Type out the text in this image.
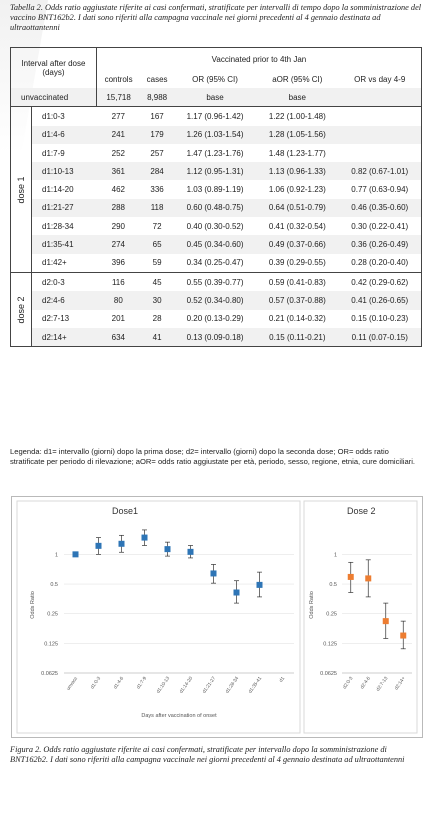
Tabella 2. Odds ratio aggiustate riferite ai casi confermati, stratificate per intervalli di tempo dopo la somministrazione del vaccino BNT162b2. I dati sono riferiti alla campagna vaccinale nei giorni precedenti al 4 gennaio destinata ad ultraottantenni
Interval after dose
(days)		Vaccinated prior to 4th Jan				
		controls	cases	OR (95% CI)	aOR (95% CI)	OR vs day 4-9
unvaccinated		15,718	8,988	base	base	

dose 1	d1:0-3	277	167	1.17 (0.96-1.42)	1.22 (1.00-1.48)	
	d1:4-6	241	179	1.26 (1.03-1.54)	1.28 (1.05-1.56)	
	d1:7-9	252	257	1.47 (1.23-1.76)	1.48 (1.23-1.77)	
	d1:10-13	361	284	1.12 (0.95-1.31)	1.13 (0.96-1.33)	0.82 (0.67-1.01)
	d1:14-20	462	336	1.03 (0.89-1.19)	1.06 (0.92-1.23)	0.77 (0.63-0.94)
	d1:21-27	288	118	0.60 (0.48-0.75)	0.64 (0.51-0.79)	0.46 (0.35-0.60)
	d1:28-34	290	72	0.40 (0.30-0.52)	0.41 (0.32-0.54)	0.30 (0.22-0.41)
	d1:35-41	274	65	0.45 (0.34-0.60)	0.49 (0.37-0.66)	0.36 (0.26-0.49)
	d1:42+	396	59	0.34 (0.25-0.47)	0.39 (0.29-0.55)	0.28 (0.20-0.40)

dose 2	d2:0-3	116	45	0.55 (0.39-0.77)	0.59 (0.41-0.83)	0.42 (0.29-0.62)
	d2:4-6	80	30	0.52 (0.34-0.80)	0.57 (0.37-0.88)	0.41 (0.26-0.65)
	d2:7-13	201	28	0.20 (0.13-0.29)	0.21 (0.14-0.32)	0.15 (0.10-0.23)
	d2:14+	634	41	0.13 (0.09-0.18)	0.15 (0.11-0.21)	0.11 (0.07-0.15)
Legenda: d1= intervallo (giorni) dopo la prima dose; d2= intervallo (giorni) dopo la seconda dose; OR= odds ratio stratificate per periodo di rilevazione; aOR= odds ratio aggiustate per età, periodo, sesso, regione, etnia, cure domiciliari.
Dose1
Odds Ratio
0.0625
0.125
0.25
0.5
1
unvacc d1:0-3 d1:4-6 d1:7-9 d1:10-13 d1:14-20 d1:21-27 d1:28-34 d1:35-41	d1
Days after vaccination of onset
Dose 2
Odds Ratio
0.0625
0.125
0.25
0.5
1
d2:0-3 d2:4-6 d2:7-13 d2:14+
Figura 2. Odds ratio aggiustate riferite ai casi confermati, stratificate per intervallo dopo la somministrazione di BNT162b2. I dati sono riferiti alla campagna vaccinale nei giorni precedenti al 4 gennaio destinata ad ultraottantenni
